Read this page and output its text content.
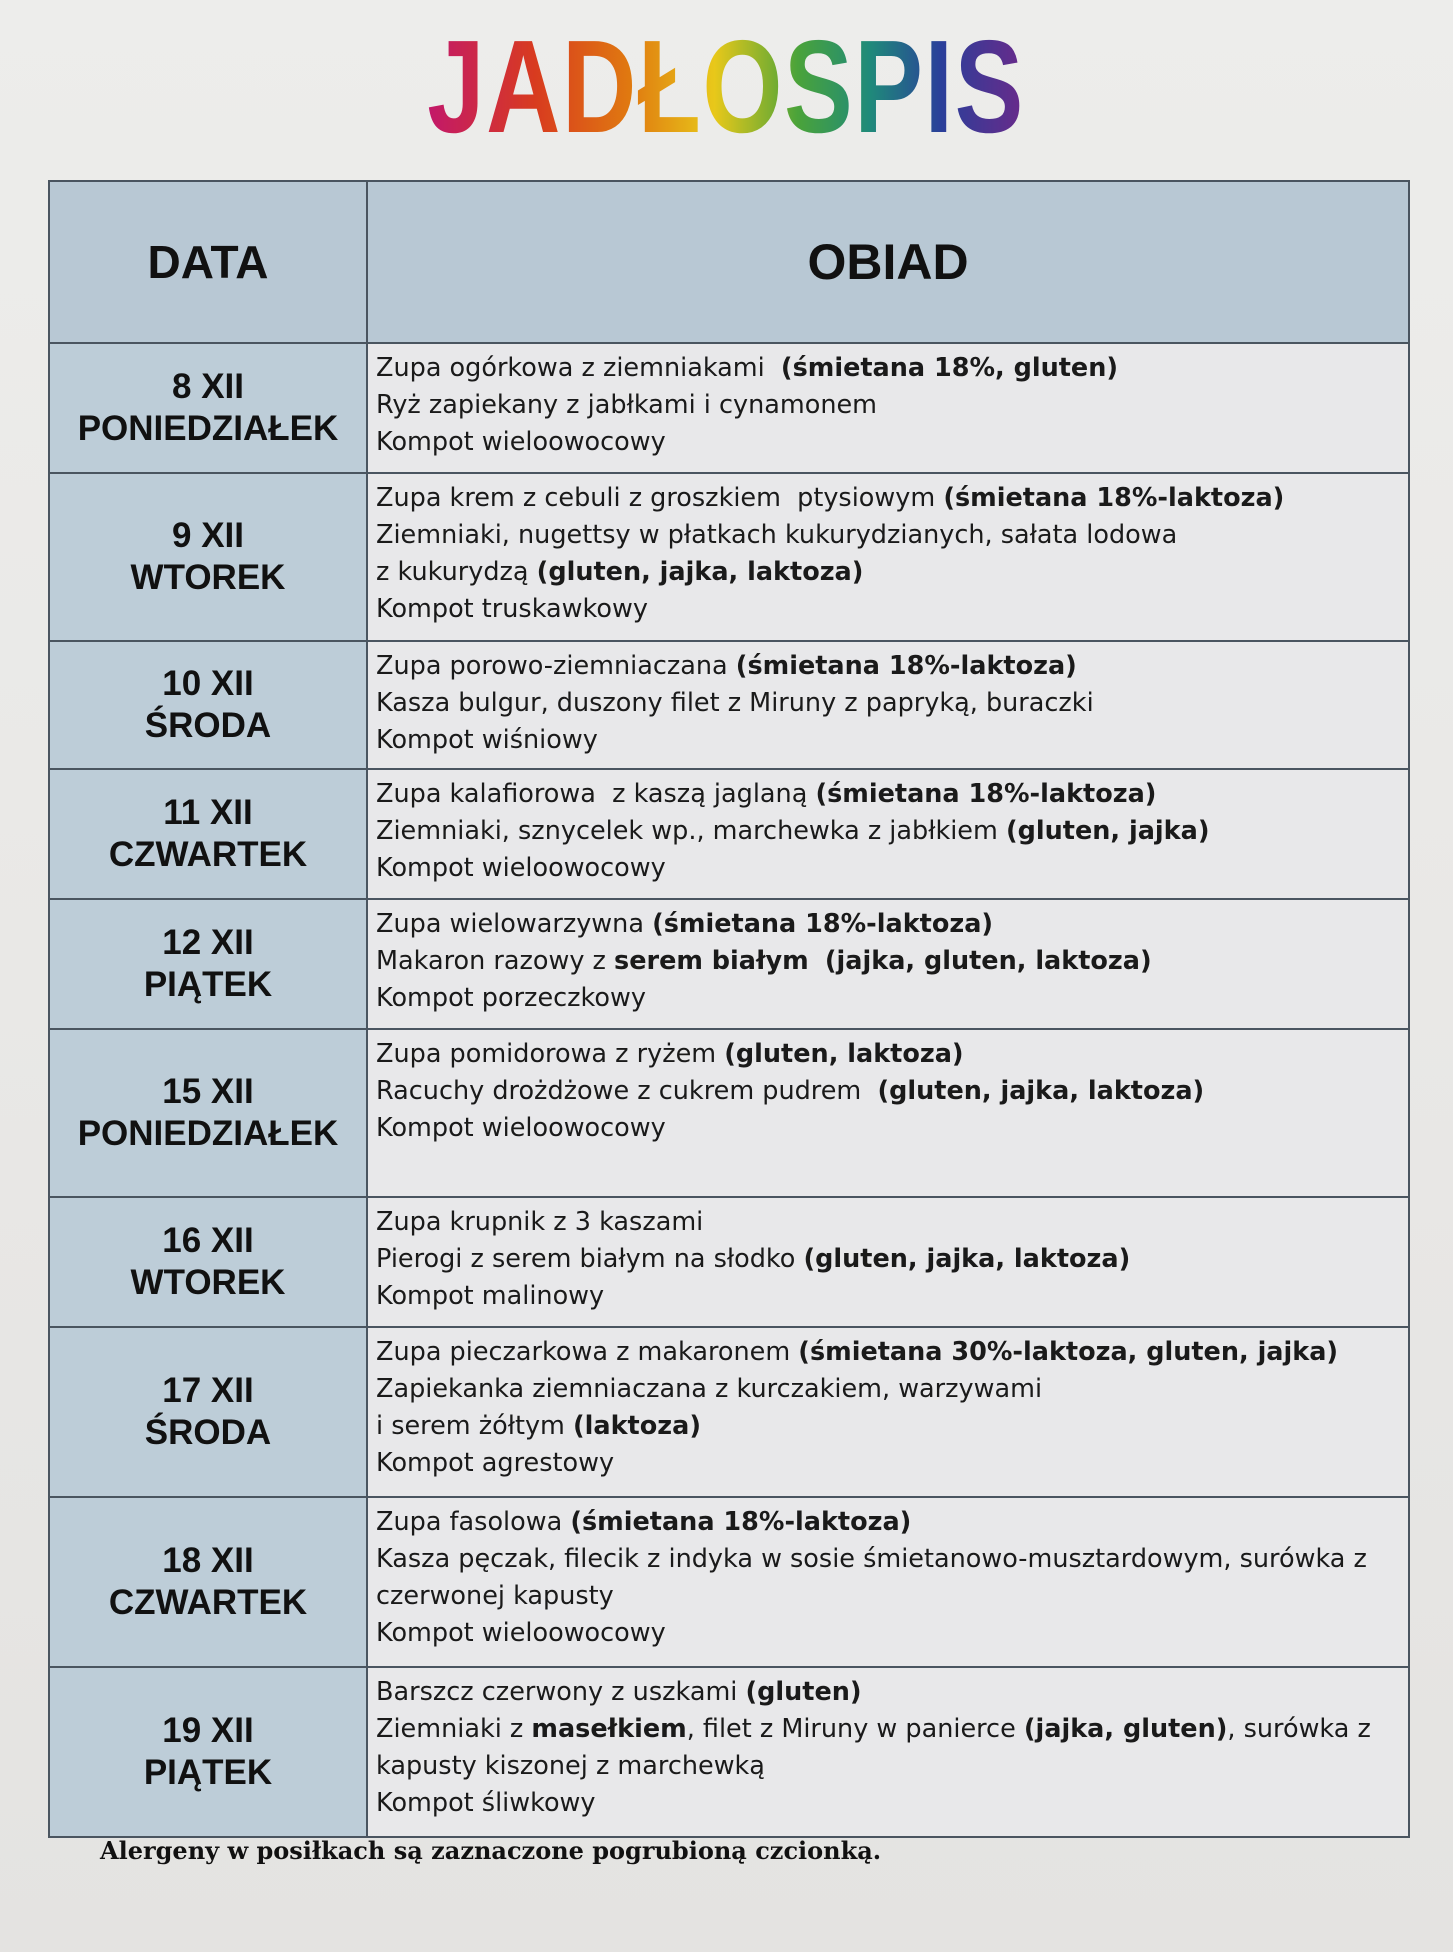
JADŁOSPIS
DATA	OBIAD

8 XII
PONIEDZIAŁEK	Zupa ogórkowa z ziemniakami  (śmietana 18%, gluten)
Ryż zapiekany z jabłkami i cynamonem
Kompot wieloowocowy

9 XII
WTOREK	Zupa krem z cebuli z groszkiem  ptysiowym (śmietana 18%-laktoza)
Ziemniaki, nugettsy w płatkach kukurydzianych, sałata lodowa
z kukurydzą (gluten, jajka, laktoza)
Kompot truskawkowy

10 XII
ŚRODA	Zupa porowo-ziemniaczana (śmietana 18%-laktoza)
Kasza bulgur, duszony filet z Miruny z papryką, buraczki
Kompot wiśniowy

11 XII
CZWARTEK	Zupa kalafiorowa  z kaszą jaglaną (śmietana 18%-laktoza)
Ziemniaki, sznycelek wp., marchewka z jabłkiem (gluten, jajka)
Kompot wieloowocowy

12 XII
PIĄTEK	Zupa wielowarzywna (śmietana 18%-laktoza)
Makaron razowy z serem białym (jajka, gluten, laktoza)
Kompot porzeczkowy

15 XII
PONIEDZIAŁEK	Zupa pomidorowa z ryżem (gluten, laktoza)
Racuchy drożdżowe z cukrem pudrem  (gluten, jajka, laktoza)
Kompot wieloowocowy

16 XII
WTOREK	Zupa krupnik z 3 kaszami
Pierogi z serem białym na słodko (gluten, jajka, laktoza)
Kompot malinowy

17 XII
ŚRODA	Zupa pieczarkowa z makaronem (śmietana 30%-laktoza, gluten, jajka)
Zapiekanka ziemniaczana z kurczakiem, warzywami
i serem żółtym (laktoza)
Kompot agrestowy

18 XII
CZWARTEK	Zupa fasolowa (śmietana 18%-laktoza)
Kasza pęczak, filecik z indyka w sosie śmietanowo-musztardowym, surówka z
czerwonej kapusty
Kompot wieloowocowy

19 XII
PIĄTEK	Barszcz czerwony z uszkami (gluten)
Ziemniaki z masełkiem, filet z Miruny w panierce (jajka, gluten), surówka z
kapusty kiszonej z marchewką
Kompot śliwkowy
Alergeny w posiłkach są zaznaczone pogrubioną czcionką.
